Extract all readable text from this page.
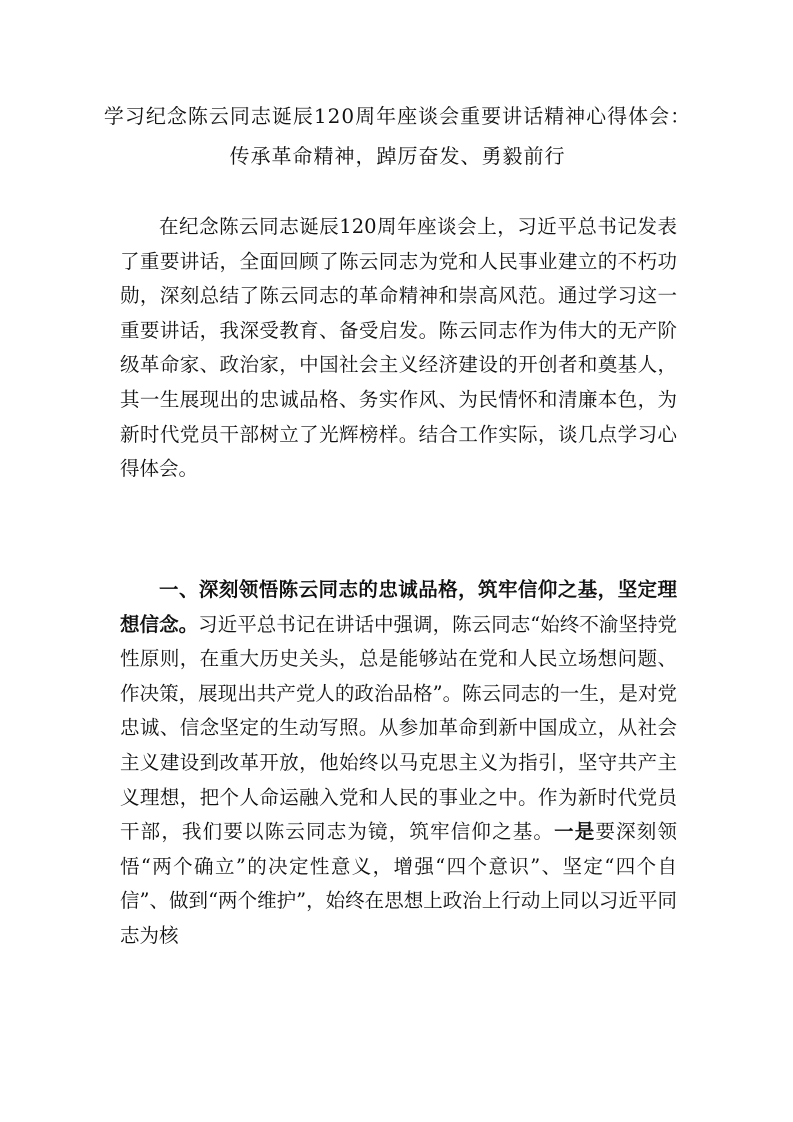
学习纪念陈云同志诞辰120周年座谈会重要讲话精神心得体会：传承革命精神，踔厉奋发、勇毅前行

在纪念陈云同志诞辰120周年座谈会上，习近平总书记发表了重要讲话，全面回顾了陈云同志为党和人民事业建立的不朽功勋，深刻总结了陈云同志的革命精神和崇高风范。通过学习这一重要讲话，我深受教育、备受启发。陈云同志作为伟大的无产阶级革命家、政治家，中国社会主义经济建设的开创者和奠基人，其一生展现出的忠诚品格、务实作风、为民情怀和清廉本色，为新时代党员干部树立了光辉榜样。结合工作实际，谈几点学习心得体会。

一、深刻领悟陈云同志的忠诚品格，筑牢信仰之基，坚定理想信念。习近平总书记在讲话中强调，陈云同志“始终不渝坚持党性原则，在重大历史关头，总是能够站在党和人民立场想问题、作决策，展现出共产党人的政治品格”。陈云同志的一生，是对党忠诚、信念坚定的生动写照。从参加革命到新中国成立，从社会主义建设到改革开放，他始终以马克思主义为指引，坚守共产主义理想，把个人命运融入党和人民的事业之中。作为新时代党员干部，我们要以陈云同志为镜，筑牢信仰之基。一是要深刻领悟“两个确立”的决定性意义，增强“四个意识”、坚定“四个自信”、做到“两个维护”，始终在思想上政治上行动上同以习近平同志为核
